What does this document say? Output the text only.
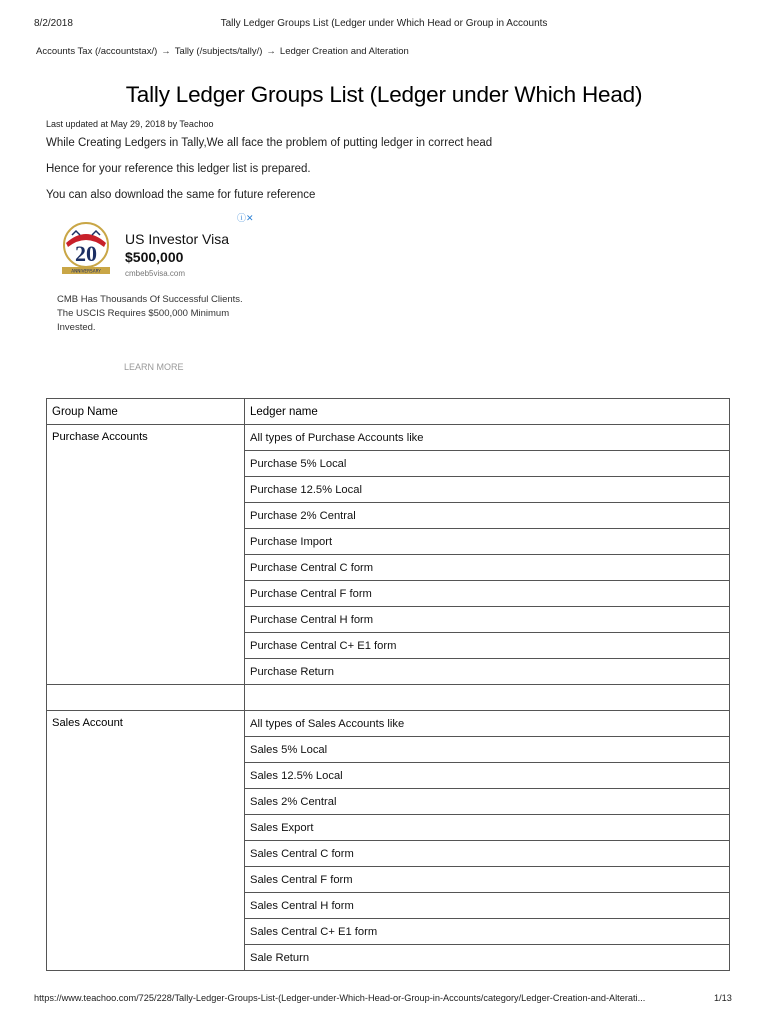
8/2/2018	Tally Ledger Groups List (Ledger under Which Head or Group in Accounts
Accounts Tax (/accountstax/) → Tally (/subjects/tally/) → Ledger Creation and Alteration
Tally Ledger Groups List (Ledger under Which Head)
Last updated at May 29, 2018 by Teachoo
While Creating Ledgers in Tally,We all face the problem of putting ledger in correct head
Hence for your reference this ledger list is prepared.
You can also download the same for future reference
ⓘ✕
20
ANNIVERSARY
US Investor Visa
$500,000
cmbeb5visa.com
CMB Has Thousands Of Successful Clients. The USCIS Requires $500,000 Minimum Invested.
LEARN MORE
Group Name	Ledger name
Purchase Accounts	All types of Purchase Accounts like
	Purchase 5% Local
	Purchase 12.5% Local
	Purchase 2% Central
	Purchase Import
	Purchase Central C form
	Purchase Central F form
	Purchase Central H form
	Purchase Central C+ E1 form
	Purchase Return

Sales Account	All types of Sales Accounts like
	Sales 5% Local
	Sales 12.5% Local
	Sales 2% Central
	Sales Export
	Sales Central C form
	Sales Central F form
	Sales Central H form
	Sales Central C+ E1 form
	Sale Return
https://www.teachoo.com/725/228/Tally-Ledger-Groups-List-(Ledger-under-Which-Head-or-Group-in-Accounts/category/Ledger-Creation-and-Alterati...	1/13
